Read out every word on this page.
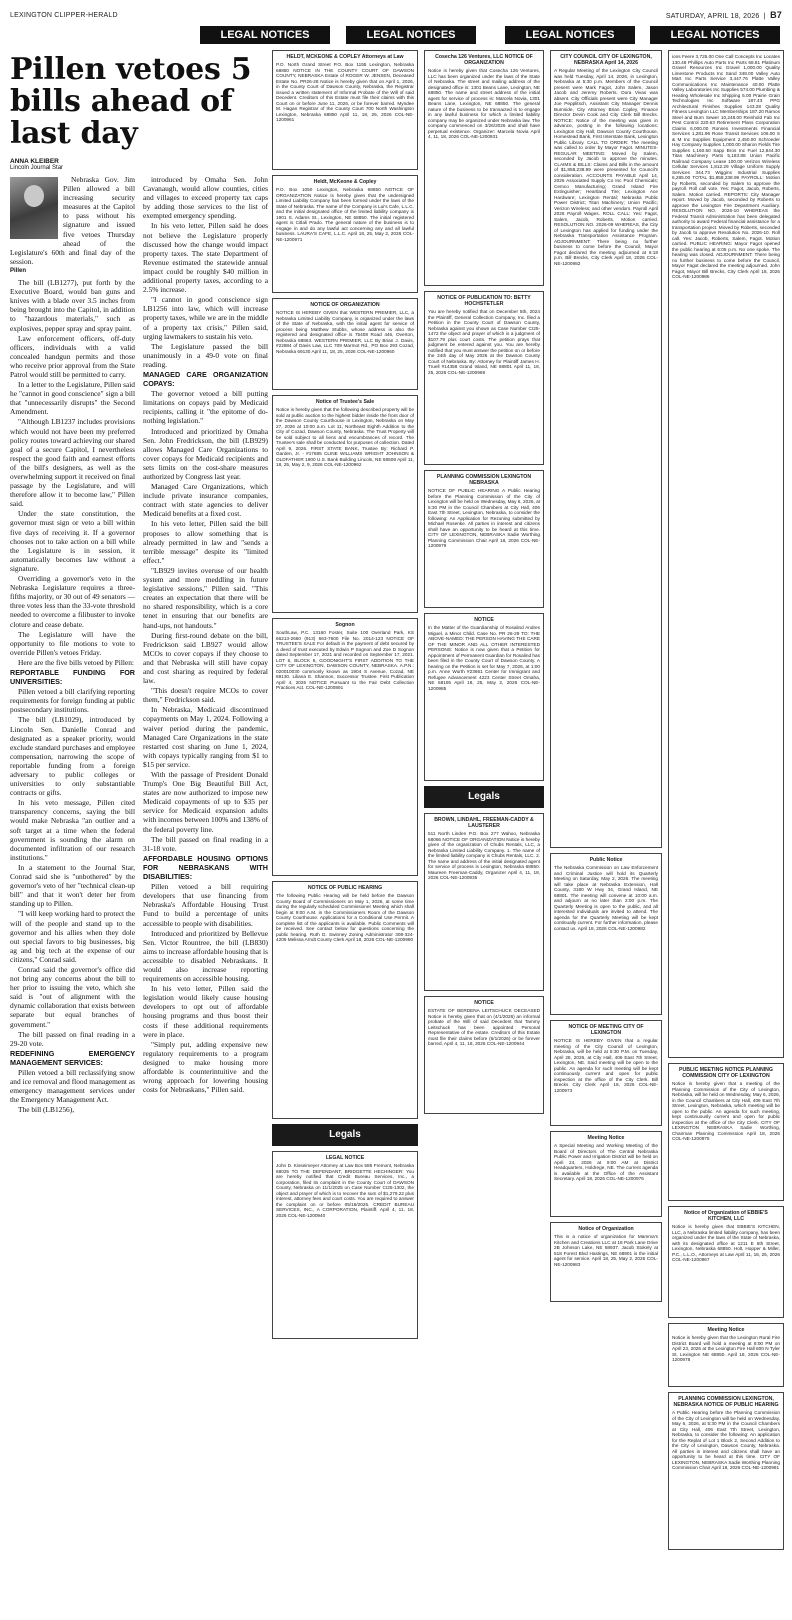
LEXINGTON CLIPPER-HERALD	SATURDAY, APRIL 18, 2026  |  B7
LEGAL NOTICES	LEGAL NOTICES	LEGAL NOTICES	LEGAL NOTICES
Pillen vetoes 5 bills ahead of last day
ANNA KLEIBER
Lincoln Journal Star

Nebraska Gov. Jim Pillen allowed a bill increasing security measures at the Capitol to pass without his signature and issued five vetoes Thursday ahead of the Legislature's 60th and final day of the session.

Pillen

The bill (LB1277), put forth by the Executive Board, would ban guns and knives with a blade over 3.5 inches from being brought into the Capitol, in addition to "hazardous materials," such as explosives, pepper spray and spray paint.

Law enforcement officers, off-duty officers, individuals with a valid concealed handgun permits and those who receive prior approval from the State Patrol would still be permitted to carry.

In a letter to the Legislature, Pillen said he "cannot in good conscience" sign a bill that "unnecessarily disrupts" the Second Amendment.

"Although LB1237 includes provisions which would not have been my preferred policy routes toward achieving our shared goal of a secure Capitol, I nevertheless respect the good faith and earnest efforts of the bill's designers, as well as the overwhelming support it received on final passage by the Legislature, and will therefore allow it to become law," Pillen said.

Under the state constitution, the governor must sign or veto a bill within five days of receiving it. If a governor chooses not to take action on a bill while the Legislature is in session, it automatically becomes law without a signature.

Overriding a governor's veto in the Nebraska Legislature requires a three-fifths majority, or 30 out of 49 senators — three votes less than the 33-vote threshold needed to overcome a filibuster to invoke cloture and cease debate.

The Legislature will have the opportunity to file motions to vote to override Pillen's vetoes Friday.

Here are the five bills vetoed by Pillen:

REPORTABLE FUNDING FOR UNIVERSITIES:

Pillen vetoed a bill clarifying reporting requirements for foreign funding at public postsecondary institutions.

The bill (LB1029), introduced by Lincoln Sen. Danielle Conrad and designated as a speaker priority, would exclude standard purchases and employee compensation, narrowing the scope of reportable funding from a foreign adversary to public colleges or universities to only substantiable contracts or gifts.

In his veto message, Pillen cited transparency concerns, saying the bill would make Nebraska "an outlier and a soft target at a time when the federal government is sounding the alarm on documented infiltration of our research institutions."

In a statement to the Journal Star, Conrad said she is "unbothered" by the governor's veto of her "technical clean-up bill" and that it won't deter her from standing up to Pillen.

"I will keep working hard to protect the will of the people and stand up to the governor and his allies when they dole out special favors to big businesses, big ag and big tech at the expense of our citizens," Conrad said.

Conrad said the governor's office did not bring any concerns about the bill to her prior to issuing the veto, which she said is "out of alignment with the dynamic collaboration that exists between separate but equal branches of government."

The bill passed on final reading in a 29-20 vote.

REDEFINING EMERGENCY MANAGEMENT SERVICES:

Pillen vetoed a bill reclassifying snow and ice removal and flood management as emergency management services under the Emergency Management Act.

The bill (LB1256),

introduced by Omaha Sen. John Cavanaugh, would allow counties, cities and villages to exceed property tax caps by adding those services to the list of exempted emergency spending.

In his veto letter, Pillen said he does not believe the Legislature properly discussed how the change would impact property taxes. The state Department of Revenue estimated the statewide annual impact could be roughly $40 million in additional property taxes, according to a 2.5% increase.

"I cannot in good conscience sign LB1256 into law, which will increase property taxes, while we are in the middle of a property tax crisis," Pillen said, urging lawmakers to sustain his veto.

The Legislature passed the bill unanimously in a 49-0 vote on final reading.

MANAGED CARE ORGANIZATION COPAYS:

The governor vetoed a bill putting limitations on copays paid by Medicaid recipients, calling it "the epitome of do-nothing legislation."

Introduced and prioritized by Omaha Sen. John Fredrickson, the bill (LB929) allows Managed Care Organizations to cover copays for Medicaid recipients and sets limits on the cost-share measures authorized by Congress last year.

Managed Care Organizations, which include private insurance companies, contract with state agencies to deliver Medicaid benefits at a fixed cost.

In his veto letter, Pillen said the bill proposes to allow something that is already permitted in law and "sends a terrible message" despite its "limited effect."

"LB929 invites overuse of our health system and more meddling in future legislative sessions," Pillen said. "This creates an expectation that there will be no shared responsibility, which is a core tenet in ensuring that our benefits are hand-ups, not handouts."

During first-round debate on the bill, Fredrickson said LB927 would allow MCOs to cover copays if they choose to and that Nebraska will still have copay and cost sharing as required by federal law.

"This doesn't require MCOs to cover them," Fredrickson said.

In Nebraska, Medicaid discontinued copayments on May 1, 2024. Following a waiver period during the pandemic, Managed Care Organizations in the state restarted cost sharing on June 1, 2024, with copays typically ranging from $1 to $15 per service.

With the passage of President Donald Trump's One Big Beautiful Bill Act, states are now authorized to impose new Medicaid copayments of up to $35 per service for Medicaid expansion adults with incomes between 100% and 138% of the federal poverty line.

The bill passed on final reading in a 31-18 vote.

AFFORDABLE HOUSING OPTIONS FOR NEBRASKANS WITH DISABILITIES:

Pillen vetoed a bill requiring developers that use financing from Nebraska's Affordable Housing Trust Fund to build a percentage of units accessible to people with disabilities.

Introduced and prioritized by Bellevue Sen. Victor Rountree, the bill (LB830) aims to increase affordable housing that is accessible to disabled Nebraskans. It would also increase reporting requirements on accessible housing.

In his veto letter, Pillen said the legislation would likely cause housing developers to opt out of affordable housing programs and thus boost their costs if these additional requirements were in place.

"Simply put, adding expensive new regulatory requirements to a program designed to make housing more affordable is counterintuitive and the wrong approach for lowering housing costs for Nebraskans," Pillen said.

HELDT, MCKEONE & COPLEY Attorneys at Law
P.O. North Grand Street P.O. Box 1155 Lexington, Nebraska 68850 NOTICE IN THE COUNTY COURT OF DAWSON COUNTY, NEBRASKA Estate of ROGER W. JENSEN, Deceased Estate No. PR26-28 Notice is hereby given that on April 1, 2026, in the County Court of Dawson County, Nebraska, the Registrar issued a written statement of Informal Probate of the Will of said Decedent. Creditors of this Estate must file their claims with this Court on or before June 11, 2026, or be forever barred. Myndee M. Hagan Registrar of the County Court 700 North Washington Lexington, Nebraska 68850 April 11, 18, 25, 2026 COL-NE-1200961
Heldt, McKeone & Copley
P.O. Box 1050 Lexington, Nebraska 68850 NOTICE OF ORGANIZATION Notice is hereby given that the undersigned Limited Liability Company has been formed under the laws of the State of Nebraska. The name of the Company is Lui's Cafe, L.L.C. and the initial designated office of the limited liability company is 1901 S. Adams St., Lexington, NE 68850. The initial registered agent is Citlali Prado. The general nature of the business is to engage in and do any lawful act concerning any and all lawful business. LAURA'S CAFE, L.L.C. April 18, 25, May 2, 2026 COL-NE-1200971
NOTICE OF ORGANIZATION
NOTICE IS HEREBY GIVEN that WESTERN PREMIER, LLC, a Nebraska Limited Liability Company, is organized under the laws of the State of Nebraska, with the initial agent for service of process being Matthew Stubbs, whose address is also the registered and designated office is 75408 Road 446, Overton, Nebraska 68863. WESTERN PREMIER, LLC By Brian J. Davis, #22884 of Davis Law, LLC 709 Marmot Rd., PO Box 293 Cozad, Nebraska 69130 April 11, 18, 25, 2026 COL-NE-1200960
Notice of Trustee's Sale
Notice is hereby given that the following described property will be sold at public auction to the highest bidder inside the front door of the Dawson County Courthouse in Lexington, Nebraska on May 27, 2026 at 10:00 a.m. Lot 11, Northeast Eighth Addition to the City of Cozad, Dawson County, Nebraska. The Trust Property will be sold subject to all liens and encumbrances of record. The Trustee's sale shall be conducted for purposes of collection. Dated April 9, 2026. FIRST STATE BANK, Trustee By: Richard P. Garden, Jr. - #17685 CLINE WILLIAMS WRIGHT JOHNSON & OLDFATHER 1900 U.S. Bank Building Lincoln, NE 68508 April 11, 18, 25, May 2, 9, 2026 COL-NE-1200962
Sognon
SouthLaw, P.C. 13160 Foster, Suite 100 Overland Park, KS 66213-2660 (913) 663-7600 File No. 2014-123 NOTICE OF TRUSTEE'S SALE For default in the payment of debt secured by a deed of trust executed by Edwin P Sognon and Zoe D Sognon dated September 17, 2021 and recorded on September 17, 2021. LOT 6, BLOCK 6, GOODNIGHT'S FIRST ADDITION TO THE CITY OF LEXINGTON, DAWSON COUNTY, NEBRASKA. A.P.N.: 020010030 commonly known as 1904 S Avenue, Cozad, NE 69130. Liliana E. Shannon, Successor Trustee. First Publication April 4, 2026 NOTICE Pursuant to the Fair Debt Collection Practices Act. COL-NE-1200891
NOTICE OF PUBLIC HEARING
The following Public Hearing will be held before the Dawson County Board of Commissioners on May 1, 2026, at some time during the regularly scheduled Commissioner Meeting which shall begin at 9:00 A.M. in the Commissioners Room of the Dawson County Courthouse. Applications for a Conditional Use Permit. A complete list of the applicants is available. Public Comments will be received. See contact below for questions concerning the public hearing. Ruth D. Swinney Zoning Administrator 308-324-4206 Melissa Arndt County Clerk April 18, 2026 COL-NE-1200980
Legals
LEGAL NOTICE
John D. Kisseimeyer Attorney at Law Box 585 Fremont, Nebraska 68025 TO THE DEFENDANT, BRIDGETTE HECHINGER: You are hereby notified that Credit Bureau Services, Inc., a corporation, filed its complaint in the County Court of DAWSON County, Nebraska on 11/1/2025 on Case Number CI25-1302, the object and prayer of which is to recover the sum of $1,279.22 plus interest, attorney fees and court costs. You are required to answer the complaint on or before 05/18/2026. CREDIT BUREAU SERVICES, INC., A CORPORATION, Plaintiff. April 4, 11, 18, 2026 COL-NE-1200940
Cosecha 126 Ventures, LLC NOTICE OF ORGANIZATION
Notice is hereby given that Cosecha 126 Ventures, LLC has been organized under the laws of the State of Nebraska. The street and mailing address of the designated office is: 1301 Beans Lane, Lexington, NE 68850. The name and street address of the initial agent for service of process is: Marcela Novia, 1301 Beans Lane, Lexington, NE 68850. The general nature of the business to be transacted is to engage in any lawful business for which a limited liability company may be organized under Nebraska law. The company commenced on 3/26/2026 and shall have perpetual existence. Organizer: Marcela Novia April 4, 11, 18, 2026 COL-NE-1200931
NOTICE OF PUBLICATION TO: BETTY HOCHSTETLER
You are hereby notified that on December 5th, 2024 the Plaintiff, General Collection Company, Inc. filed a Petition in the County Court of Dawson County, Nebraska against you shown as Case Number CI25-1472 the object and prayer of which is a judgment of $107.79 plus court costs. The petition prays that judgment be entered against you. You are hereby notified that you must answer the petition on or before the 24th day of May 2026 at the Dawson County Court of Nebraska. By: Attorney for Plaintiff James H. Truell #14358 Grand Island, NE 68801 April 11, 18, 25, 2026 COL-NE-1200969
PLANNING COMMISSION LEXINGTON NEBRASKA
NOTICE OF PUBLIC HEARING A Public Hearing before the Planning Commission of the City of Lexington will be held on Wednesday, May 6, 2026, at 5:30 PM in the Council Chambers at City Hall, 406 East 7th Street, Lexington, Nebraska, to consider the following: An Application for Rezoning submitted by Michael Rosenke. All parties in interest and citizens shall have an opportunity to be heard at this time. CITY OF LEXINGTON, NEBRASKA Sadie Worthing Planning Commission Chair April 18, 2026 COL-NE-1200979
NOTICE
In the Matter of the Guardianship of Rosalind Andres Miguel, a Minor Child. Case No. PR 26-29 TO: THE ABOVE-NAMED: THE PERSON HAVING THE CARE OF THE MINOR AND ALL OTHER INTERESTED PERSONS: Notice is now given that a Petition for Appointment of Permanent Guardian for Rosalind has been filed in the County Court of Dawson County. A hearing on the Petition is set for May 7, 2026, at 1:00 p.m. Anne Wurth #23661 Center for Immigrant and Refugee Advancement 4223 Center Street Omaha, NE 68105 April 18, 25, May 2, 2026 COL-NE-1200985
Legals
BROWN, LINDAHL, FREEMAN-CADDY & LAUSTERER
511 North Linden P.O. Box 277 Wahoo, Nebraska 68066 NOTICE OF ORGANIZATION Notice is hereby given of the organization of Chubs Rentals, LLC, a Nebraska Limited Liability Company. 1. The name of the limited liability company is Chubs Rentals, LLC. 2. The name and address of the initial designated agent for service of process is Lexington, Nebraska 68850. Maureen Freeman-Caddy, Organizer April 4, 11, 18, 2026 COL-NE-1200935
NOTICE
ESTATE OF BERDENA LEITSCHUCK DECEASED Notice is hereby given that on (4/1/2026) an informal probate of the Will of said Decedent that Tammy Leitschuck has been appointed Personal Representative of the estate. Creditors of this Estate must file their claims before (6/1/2026) or be forever barred. April 4, 11, 18, 2026 COL-NE-1200944
CITY COUNCIL CITY OF LEXINGTON, NEBRASKA April 14, 2026
A Regular Meeting of the Lexington City Council was held Tuesday, April 14, 2026, in Lexington, Nebraska at 5:30 p.m. Members of the Council present were Mark Fagot, John Salem, Jason Jacob and Jeremy Roberts. Dora Vivas was absent. City Officials present were City Manager Joe Pepplitsch, Assistant City Manager Dennis Burnside, City Attorney Brian Copley, Finance Director Devin Cook and City Clerk Bill Brecks. NOTICE: Notice of the meeting was given in advance, posting in the following locations: Lexington City Hall, Dawson County Courthouse, Homestead Bank, First Interstate Bank, Lexington Public Library. CALL TO ORDER: The meeting was called to order by Mayor Fagot. MINUTES-REGULAR MEETING: Moved by Salem, seconded by Jacob to approve the minutes. CLAIMS & BILLS: Claims and Bills in the amount of $1,858,238.99 were presented for Council's consideration. ACCOUNTS PAYABLE April 14, 2026 Associated Supply Co Inc Pool Chemicals; Cemco Manufacturing; Grand Island Fire Extinguisher; Heartland Tire; Lexington Ace Hardware; Lexington Rental; Nebraska Public Power District; Titan Machinery; Union Pacific; Verizon Wireless; and other vendors. Payroll April 2026 Payroll Wages. ROLL CALL: Yes: Fagot, Salem, Jacob, Roberts. Motion carried. RESOLUTION NO. 2026-09 WHEREAS, the City of Lexington has applied for funding under the Nebraska Transportation Assistance Program. ADJOURNMENT: There being no further business to come before the Council, Mayor Fagot declared the meeting adjourned at 6:18 p.m. Bill Brecks, City Clerk April 18, 2026 COL-NE-1200982
Public Notice
The Nebraska Commission on Law Enforcement and Criminal Justice will hold its Quarterly Meeting on Saturday, May 2, 2026. The meeting will take place at Nebraska Extension, Hall County, 3180 W Hwy 34, Grand Island, NE 68801. The meeting will convene at 10:00 a.m. and adjourn at no later than 2:00 p.m. The Quarterly Meeting is open to the public, and all interested individuals are invited to attend. The agenda for the Quarterly Meeting will be kept continually current. For further information, please contact us. April 18, 2026 COL-NE-1200982
NOTICE OF MEETING CITY OF LEXINGTON
NOTICE IS HEREBY GIVEN that a regular meeting of the City Council of Lexington, Nebraska, will be held at 5:30 P.M. on Tuesday, April 28, 2026, at City Hall, 406 East 7th Street, Lexington, NE. Said meeting will be open to the public. An agenda for such meeting will be kept continuously current and open for public inspection at the office of the City Clerk. Bill Brecks City Clerk April 18, 2026 COL-NE-1200973
Meeting Notice
A Special Meeting and Working Meeting of the Board of Directors of The Central Nebraska Public Power and Irrigation District will be held on April 24, 2026 at 9:00 AM at District Headquarters, Holdrege, NE. The current agenda is available at the Office of the Assistant Secretary. April 18, 2026 COL-NE-1200976
Notice of Organization
This is a notice of organization for Mamma's Kitchen and Creations LLC at 18 Park Lane Drive 2B Johnson Lake, NE 68937. Jacob Stokely at 518 Forest Blvd Hastings, NE 68901 is the initial agent for service. April 18, 25, May 2, 2026 COL-NE-1200983
ions Feere 3,725.00 One Call Concepts Inc Locates 130.48 Phillips Auto Parts Inc Parts 68.81 Platinum Gravel Resources Inc Gravel 1,000.00 Quality Limestone Products Inc Sand 348.00 Valley Auto Mart Inc Parts Service 3,447.76 Platte Valley Communications Inc Maintenance 40.00 Platte Valley Laboratories Inc Supplies 574.00 Plumbing & Heating Wholesale Inc Shipping 5.00 Prairie Grain Technologies Inc Software 187.43 PPG Architectural Finishes Supplies 143.28 Quality Fitness Lexington LLC Memberships 187.20 Ramos Steel and Burn Sewer 10,248.00 Reinhold Fab Inc Pest Control 220.63 Retirement Plans Corporation Claims 6,000.00 Ronsen Investments Financial Services 1,281.96 Rose Transit Services 106.00 S & M Inc Supplies Equipment 2,450.00 Schroeder Hay Company Supplies 1,000.00 Sharon Fields Tire Supplies 1,160.50 Sapp Bros Inc Fuel 12,844.30 Titan Machinery Parts 5,183.88 Union Pacific Railroad Company Lease 100.00 Verizon Wireless Cellular Services 1,812.29 Village Uniform Supply Services 344.73 Wiggins Industrial Supplies 6,285.00 TOTAL $1,858,238.99 PAYROLL: Motion by Roberts, seconded by Salem to approve the payroll. Roll call vote. Yes: Fagot, Jacob, Roberts, Salem. Motion carried. REPORTS: City Manager report. Moved by Jacob, seconded by Roberts to approve the Lexington Fire Department Auxiliary. RESOLUTION NO. 2026-10 WHEREAS the Federal Transit Administration has been delegated authority to award Federal financial assistance for a transportation project. Moved by Roberts, seconded by Jacob to approve Resolution No. 2026-10. Roll call. Yes: Jacob, Roberts, Salem, Fagot. Motion carried. PUBLIC HEARING: Mayor Fagot opened the public hearing at 6:05 p.m. No one spoke. The hearing was closed. ADJOURNMENT: There being no further business to come before the Council, Mayor Fagot declared the meeting adjourned. John Fagot, Mayor Bill Brecks, City Clerk April 18, 2026 COL-NE-1200986
PUBLIC MEETING NOTICE PLANNING COMMISSION CITY OF LEXINGTON
Notice is hereby given that a meeting of the Planning Commission of the City of Lexington, Nebraska, will be held on Wednesday, May 6, 2026, in the Council Chambers at City Hall, 406 East 7th Street, Lexington, Nebraska, which meeting will be open to the public. An agenda for such meeting, kept continuously current and open for public inspection at the office of the City Clerk. CITY OF LEXINGTON NEBRASKA Sadie Worthing, Chairman Planning Commission April 18, 2026 COL-NE-1200975
Notice of Organization of EBBIE'S KITCHEN, LLC
Notice is hereby given that EBBIE'S KITCHEN, LLC, a Nebraska limited liability company, has been organized under the laws of the State of Nebraska, with its designated office at 1211 E 6th Street, Lexington, Nebraska 68850. Holt, Hopper & Miller, P.C., L.L.O., Attorneys at Law April 11, 18, 25, 2026 COL-NE-1200967
Meeting Notice
Notice is hereby given that the Lexington Rural Fire District Board will hold a meeting at 8:00 PM on April 23, 2026 at the Lexington Fire Hall 600 N Tyler St, Lexington NE 68850. April 18, 2026 COL-NE-1200978
PLANNING COMMISSION LEXINGTON, NEBRASKA NOTICE OF PUBLIC HEARING
A Public Hearing before the Planning Commission of the City of Lexington will be held on Wednesday, May 6, 2026, at 5:30 PM in the Council Chambers at City Hall, 406 East 7th Street, Lexington, Nebraska, to consider the following: An application for the Replat of Lot 1 Block 2, Second Addition to the City of Lexington, Dawson County, Nebraska. All parties in interest and citizens shall have an opportunity to be heard at this time. CITY OF LEXINGTON, NEBRASKA Sadie Worthing Planning Commission Chair April 18, 2026 COL-NE-1200981
